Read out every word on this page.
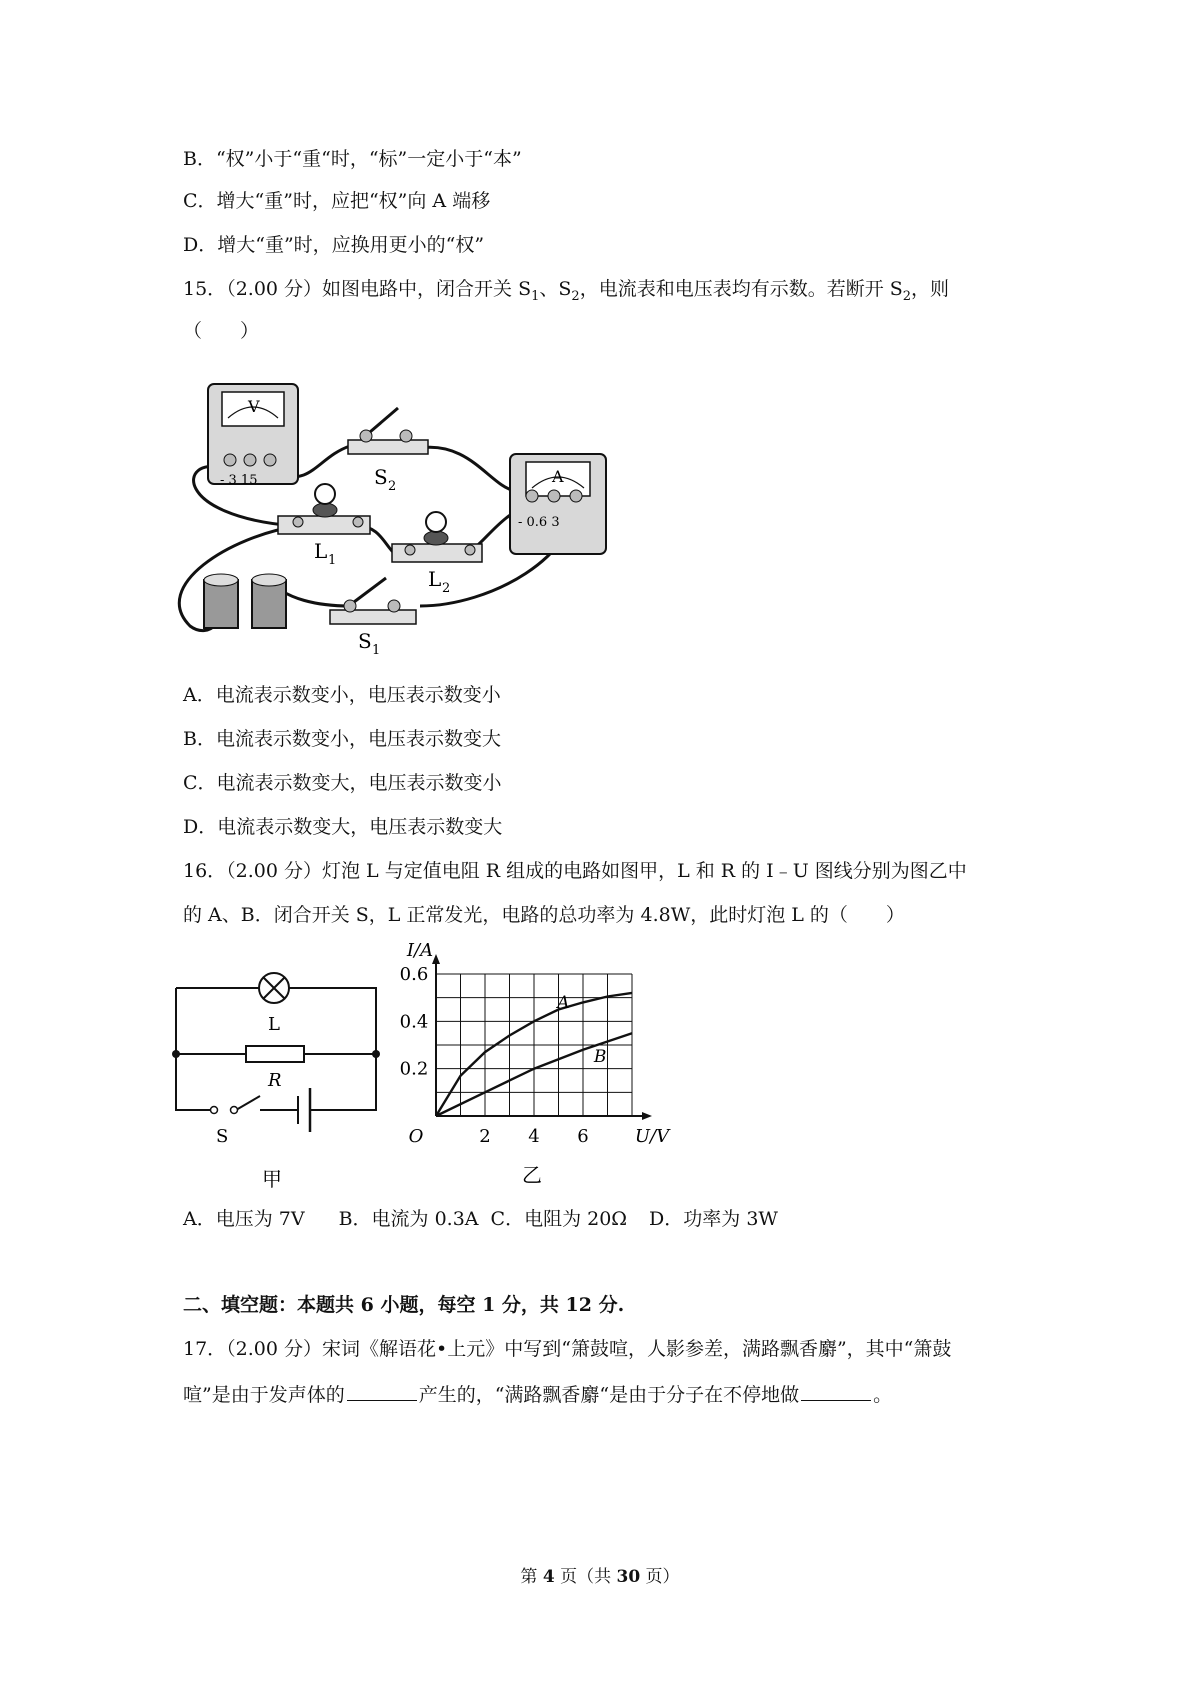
B．“权”小于“重“时，“标”一定小于“本”
C．增大“重”时，应把“权”向 A 端移
D．增大“重”时，应换用更小的“权”
15．（2.00 分）如图电路中，闭合开关 $S_1$、$S_2$，电流表和电压表均有示数。若断开 $S_2$，则
（　　）
V
- 3 15	S 2
A
- 0.6 3
L 1
L 2
S 1
A．电流表示数变小，电压表示数变小
B．电流表示数变小，电压表示数变大
C．电流表示数变大，电压表示数变小
D．电流表示数变大，电压表示数变大
16．（2.00 分）灯泡 L 与定值电阻 R 组成的电路如图甲，L 和 R 的 I﹣U 图线分别为图乙中
的 A、B．闭合开关 S，L 正常发光，电路的总功率为 4.8W，此时灯泡 L 的（　　）
L
R
S
甲
2 4 6
0.2
0.4
0.6
O	U/V
I/A
A
B
乙
A．电压为 7V B．电流为 0.3A C．电阻为 20Ω D．功率为 3W
二、填空题：本题共 6 小题，每空 1 分，共 12 分.
17．（2.00 分）宋词《解语花•上元》中写到“箫鼓喧，人影参差，满路飘香麝”，其中“箫鼓
喧”是由于发声体的	产生的，“满路飘香麝“是由于分子在不停地做	。
第 4 页（共 30 页）
